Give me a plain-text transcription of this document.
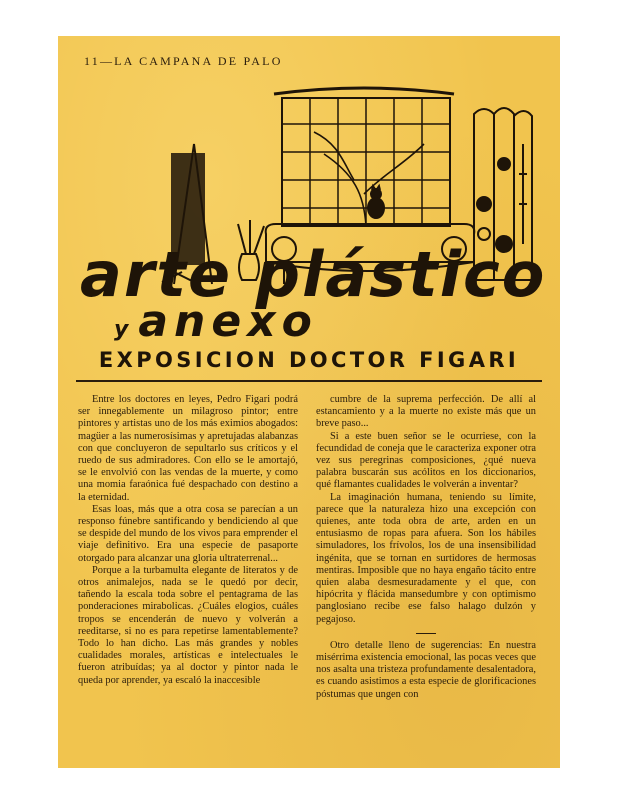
11—LA CAMPANA DE PALO
arte plástico
y anexo
EXPOSICION DOCTOR FIGARI

Entre los doctores en leyes, Pedro Figari podrá ser innegablemente un milagroso pintor; entre pintores y artistas uno de los más eximios abogados: magüer a las numerosísimas y apretujadas alabanzas con que concluyeron de sepultarlo sus críticos y el ruedo de sus admiradores. Con ello se le amortajó, se le envolvió con las vendas de la muerte, y como una momia faraónica fué despachado con destino a la eternidad.

Esas loas, más que a otra cosa se parecían a un responso fúnebre santificando y bendiciendo al que se despide del mundo de los vivos para emprender el viaje definitivo. Era una especie de pasaporte otorgado para alcanzar una gloria ultraterrenal...

Porque a la turbamulta elegante de literatos y de otros animalejos, nada se le quedó por decir, tañendo la escala toda sobre el pentagrama de las ponderaciones mirabolicas. ¿Cuáles elogios, cuáles tropos se encenderán de nuevo y volverán a reeditarse, si no es para repetirse lamentablemente? Todo lo han dicho. Las más grandes y nobles cualidades morales, artísticas e intelectuales le fueron atribuídas; ya al doctor y pintor nada le queda por aprender, ya escaló la inaccesible

cumbre de la suprema perfección. De allí al estancamiento y a la muerte no existe más que un breve paso...

Si a este buen señor se le ocurriese, con la fecundidad de coneja que le caracteriza exponer otra vez sus peregrinas composiciones, ¿qué nueva palabra buscarán sus acólitos en los diccionarios, qué flamantes cualidades le volverán a inventar?

La imaginación humana, teniendo su límite, parece que la naturaleza hizo una excepción con quienes, ante toda obra de arte, arden en un entusiasmo de ropas para afuera. Son los hábiles simuladores, los frívolos, los de una insensibilidad ingénita, que se tornan en surtidores de hermosas mentiras. Imposible que no haya engaño tácito entre quien alaba desmesuradamente y el que, con hipócrita y flácida mansedumbre y con optimismo panglosiano recibe ese falso halago dulzón y pegajoso.

Otro detalle lleno de sugerencias: En nuestra misérrima existencia emocional, las pocas veces que nos asalta una tristeza profundamente desalentadora, es cuando asistimos a esta especie de glorificaciones póstumas que ungen con
